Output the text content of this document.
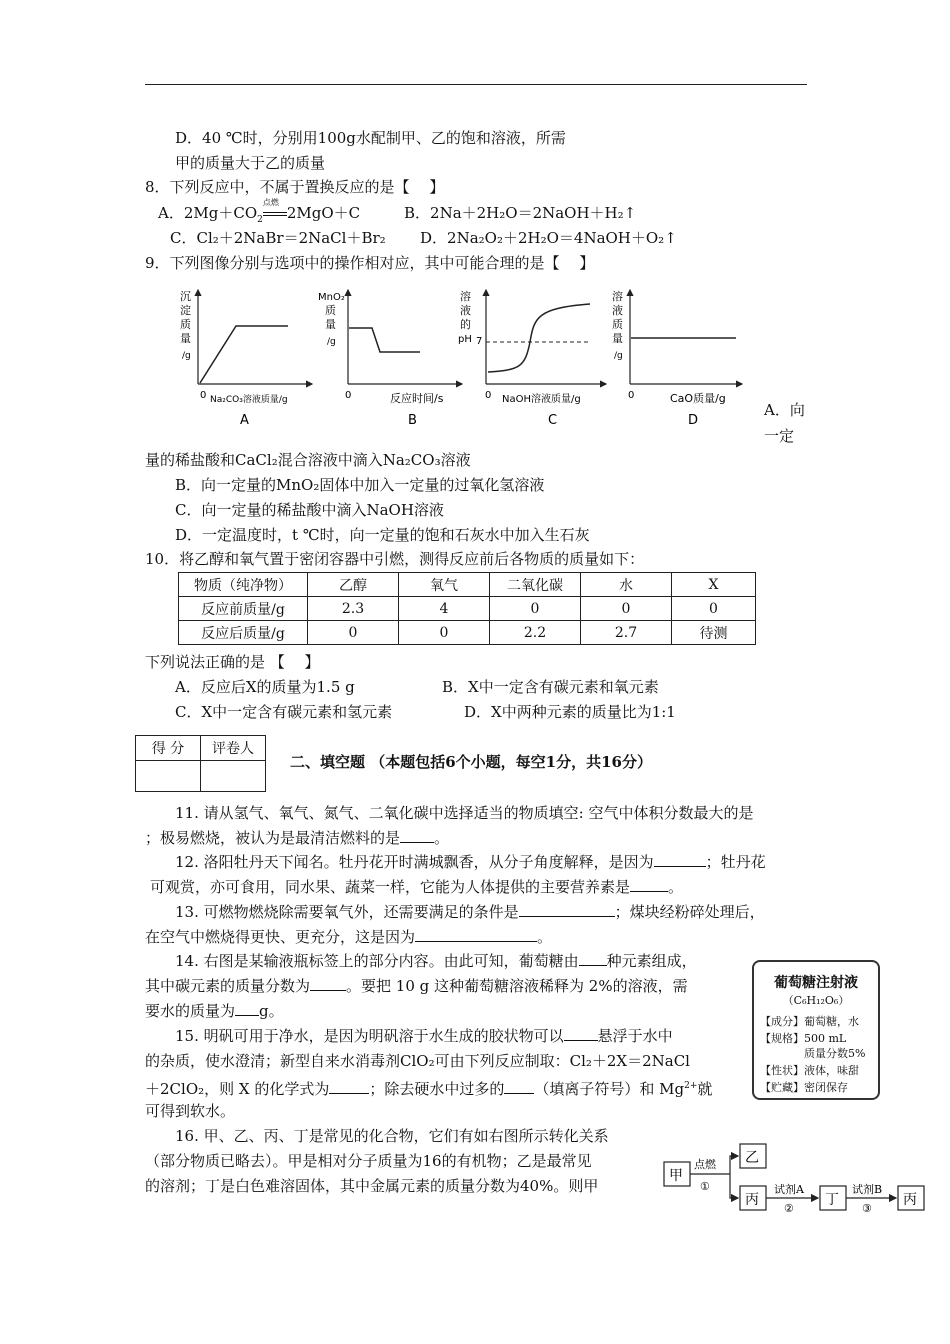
D．40 ℃时，分别用100g水配制甲、乙的饱和溶液，所需
甲的质量大于乙的质量
8．下列反应中，不属于置换反应的是【　 】
A．$2Mg+CO_2$
点燃
2MgO＋C	B．2Na＋2H₂O＝2NaOH＋H₂↑
C．Cl₂＋2NaBr＝2NaCl＋Br₂ D．2Na₂O₂＋2H₂O＝4NaOH＋O₂↑
9．下列图像分别与选项中的操作相对应，其中可能合理的是【　 】
沉
淀
质
量
/g
0 Na₂CO₃溶液质量/g
A
MnO₂
质
量
/g
0	反应时间/s
B
溶
液
的
pH 7
0 NaOH溶液质量/g
C
溶
液
质
量
/g
0	CaO质量/g
D
A．向
一定
量的稀盐酸和CaCl₂混合溶液中滴入Na₂CO₃溶液
B．向一定量的MnO₂固体中加入一定量的过氧化氢溶液
C．向一定量的稀盐酸中滴入NaOH溶液
D．一定温度时，t ℃时，向一定量的饱和石灰水中加入生石灰
10．将乙醇和氧气置于密闭容器中引燃，测得反应前后各物质的质量如下：
物质（纯净物）	乙醇	氧气	二氧化碳	水	X
反应前质量/g	2.3	4	0	0	0
反应后质量/g	0	0	2.2	2.7	待测
下列说法正确的是 【　 】
A．反应后X的质量为1.5 g	B．X中一定含有碳元素和氧元素
C．X中一定含有碳元素和氢元素	D．X中两种元素的质量比为1:1
得 分	评卷人

二、填空题 （本题包括6个小题，每空1分，共16分）
11. 请从氢气、氧气、氮气、二氧化碳中选择适当的物质填空: 空气中体积分数最大的是
；极易燃烧，被认为是最清洁燃料的是 。
12. 洛阳牡丹天下闻名。牡丹花开时满城飘香，从分子角度解释，是因为	；牡丹花
可观赏，亦可食用，同水果、蔬菜一样，它能为人体提供的主要营养素是	。
13. 可燃物燃烧除需要氧气外，还需要满足的条件是	；煤块经粉碎处理后，
在空气中燃烧得更快、更充分，这是因为	。
14. 右图是某输液瓶标签上的部分内容。由此可知，葡萄糖由 种元素组成，
其中碳元素的质量分数为 。要把 10 g 这种葡萄糖溶液稀释为 2%的溶液，需
要水的质量为 g。
15. 明矾可用于净水，是因为明矾溶于水生成的胶状物可以 悬浮于水中
的杂质，使水澄清；新型自来水消毒剂ClO₂可由下列反应制取：Cl₂＋2X＝2NaCl
＋2ClO₂，则 X 的化学式为	；除去硬水中过多的 （填离子符号）和 $Mg^{2+}$就
可得到软水。
葡萄糖注射液
（C₆H₁₂O₆）
【成分】葡萄糖，水
【规格】500 mL
质量分数5%
【性状】液体，味甜
【贮藏】密闭保存
16. 甲、乙、丙、丁是常见的化合物，它们有如右图所示转化关系
（部分物质已略去）。甲是相对分子质量为16的有机物；乙是最常见
的溶剂；丁是白色难溶固体，其中金属元素的质量分数为40%。则甲
甲
点燃
①
乙
丙
试剂A
②
丁
试剂B
③
丙
